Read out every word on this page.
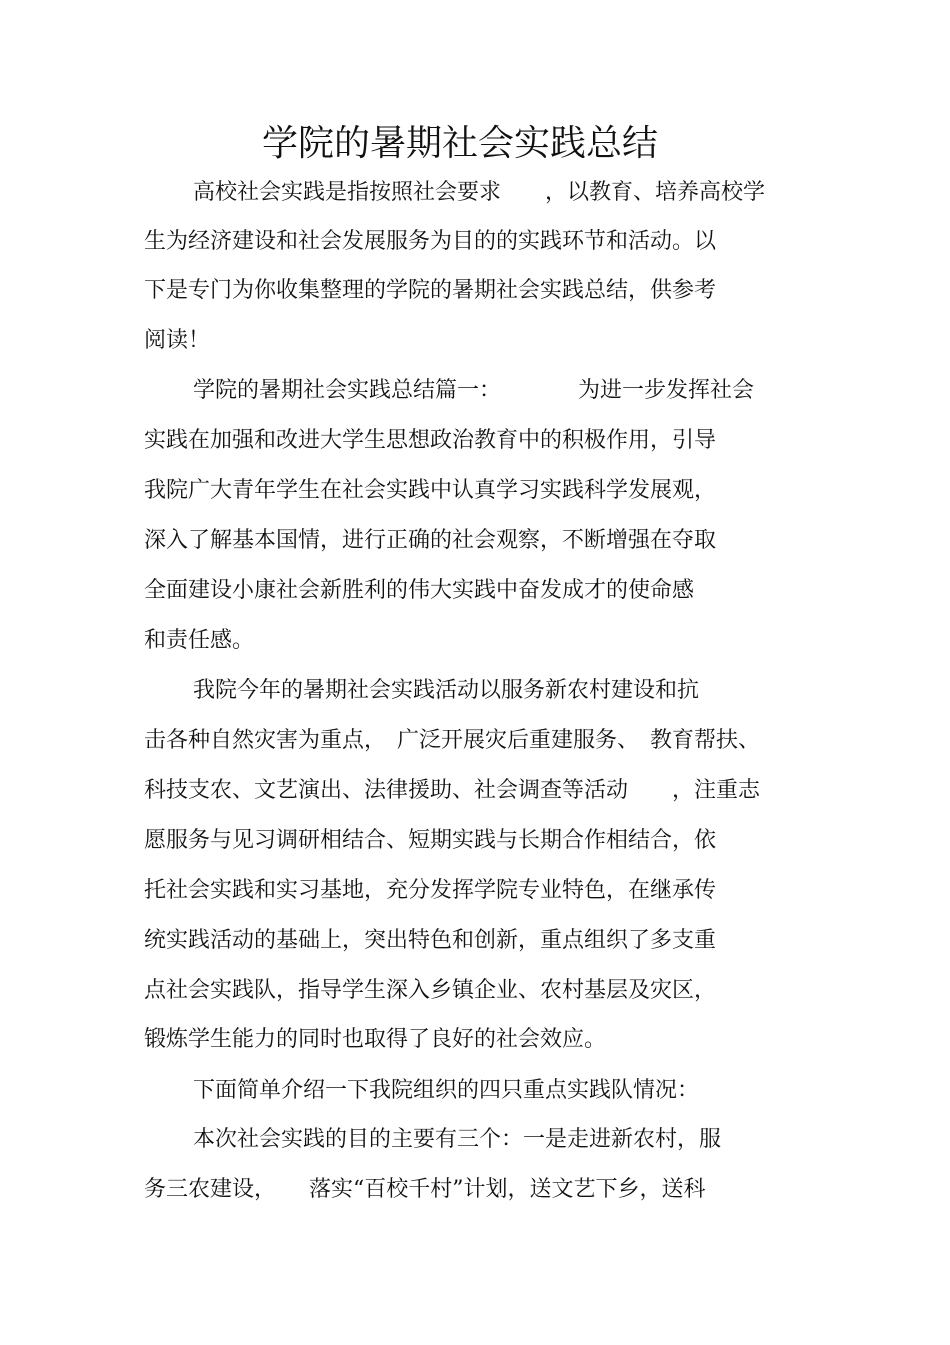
学院的暑期社会实践总结

高校社会实践是指按照社会要求　　，以教育、培养高校学

生为经济建设和社会发展服务为目的的实践环节和活动。以

下是专门为你收集整理的学院的暑期社会实践总结，供参考

阅读！

学院的暑期社会实践总结篇一：　　　　为进一步发挥社会

实践在加强和改进大学生思想政治教育中的积极作用，引导

我院广大青年学生在社会实践中认真学习实践科学发展观，

深入了解基本国情，进行正确的社会观察，不断增强在夺取

全面建设小康社会新胜利的伟大实践中奋发成才的使命感

和责任感。

我院今年的暑期社会实践活动以服务新农村建设和抗

击各种自然灾害为重点，　广泛开展灾后重建服务、　教育帮扶、

科技支农、文艺演出、法律援助、社会调查等活动　　，注重志

愿服务与见习调研相结合、短期实践与长期合作相结合，依

托社会实践和实习基地，充分发挥学院专业特色，在继承传

统实践活动的基础上，突出特色和创新，重点组织了多支重

点社会实践队，指导学生深入乡镇企业、农村基层及灾区，

锻炼学生能力的同时也取得了良好的社会效应。

下面简单介绍一下我院组织的四只重点实践队情况：

本次社会实践的目的主要有三个：一是走进新农村，服

务三农建设，　　落实“百校千村”计划，送文艺下乡，送科
